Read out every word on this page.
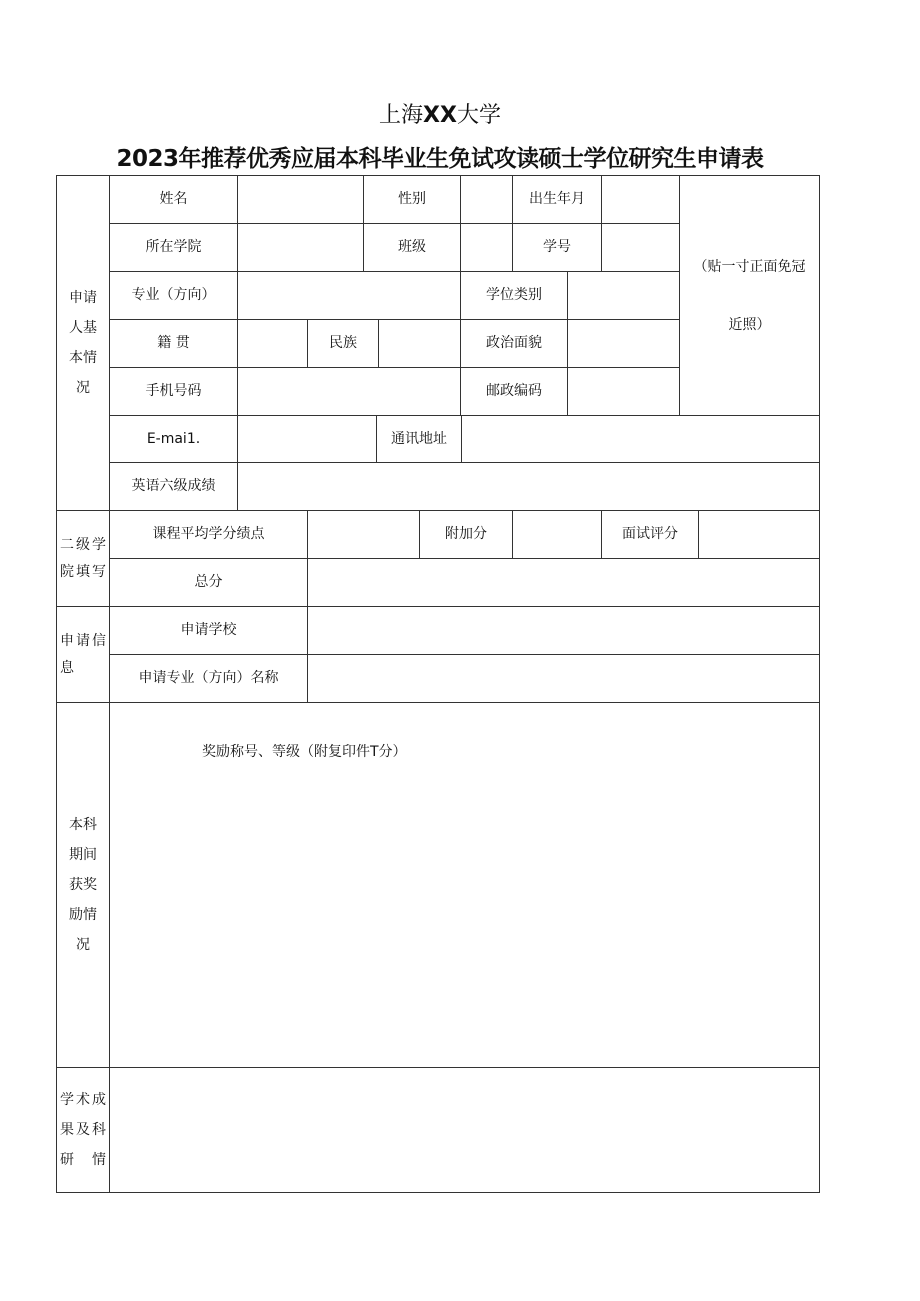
上海XX大学
2023年推荐优秀应届本科毕业生免试攻读硕士学位研究生申请表
申请人基本情况
姓名	性别	出生年月
（贴一寸正面免冠近照）
所在学院	班级	学号
专业（方向）	学位类别
籍 贯	民族	政治面貌
手机号码	邮政编码
E-mai1.	通讯地址
英语六级成绩
二级学院填写
课程平均学分绩点	附加分	面试评分
总分
申请信息
申请学校
申请专业（方向）名称
本科期间获奖励情况
奖励称号、等级（附复印件T分）
学术成果及科研情
